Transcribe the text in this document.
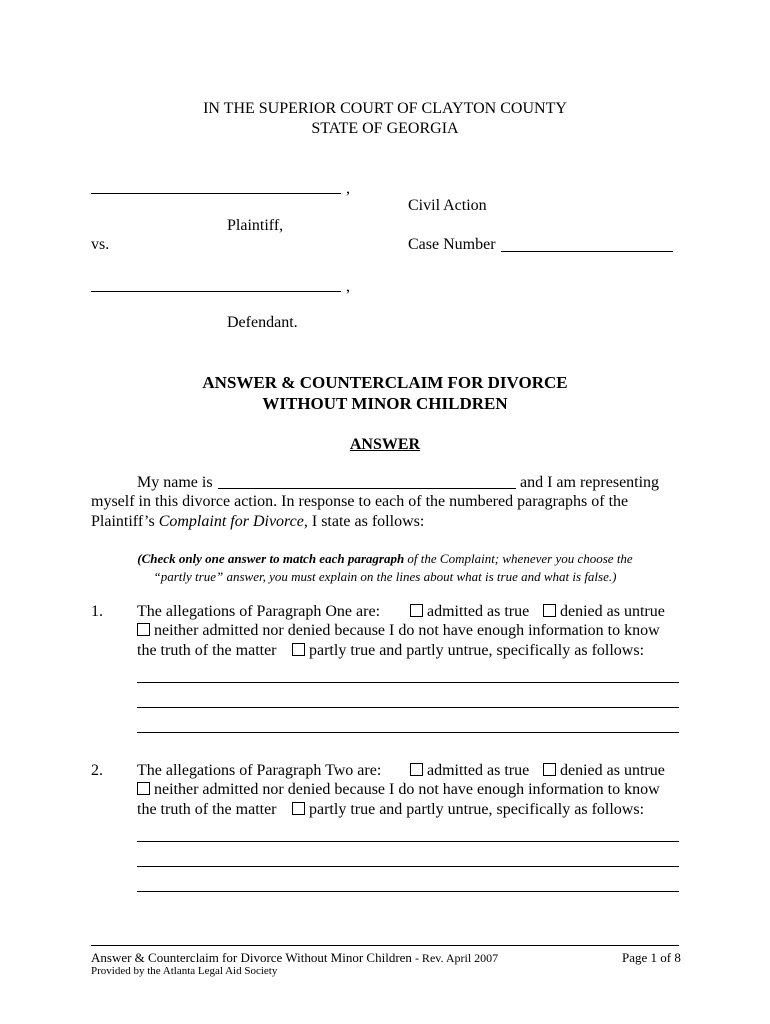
IN THE SUPERIOR COURT OF CLAYTON COUNTY
STATE OF GEORGIA
,
Civil Action
Plaintiff,
vs.	Case Number
,
Defendant.
ANSWER & COUNTERCLAIM FOR DIVORCE
WITHOUT MINOR CHILDREN
ANSWER
My name is	and I am representing
myself in this divorce action. In response to each of the numbered paragraphs of the
Plaintiff’s Complaint for Divorce, I state as follows:
(Check only one answer to match each paragraph of the Complaint; whenever you choose the
“partly true” answer, you must explain on the lines about what is true and what is false.)
1. The allegations of Paragraph One are:	admitted as true	denied as untrue
neither admitted nor denied because I do not have enough information to know
the truth of the matter	partly true and partly untrue, specifically as follows:
2. The allegations of Paragraph Two are:	admitted as true	denied as untrue
neither admitted nor denied because I do not have enough information to know
the truth of the matter	partly true and partly untrue, specifically as follows:
Answer & Counterclaim for Divorce Without Minor Children - Rev. April 2007	Page 1 of 8
Provided by the Atlanta Legal Aid Society
